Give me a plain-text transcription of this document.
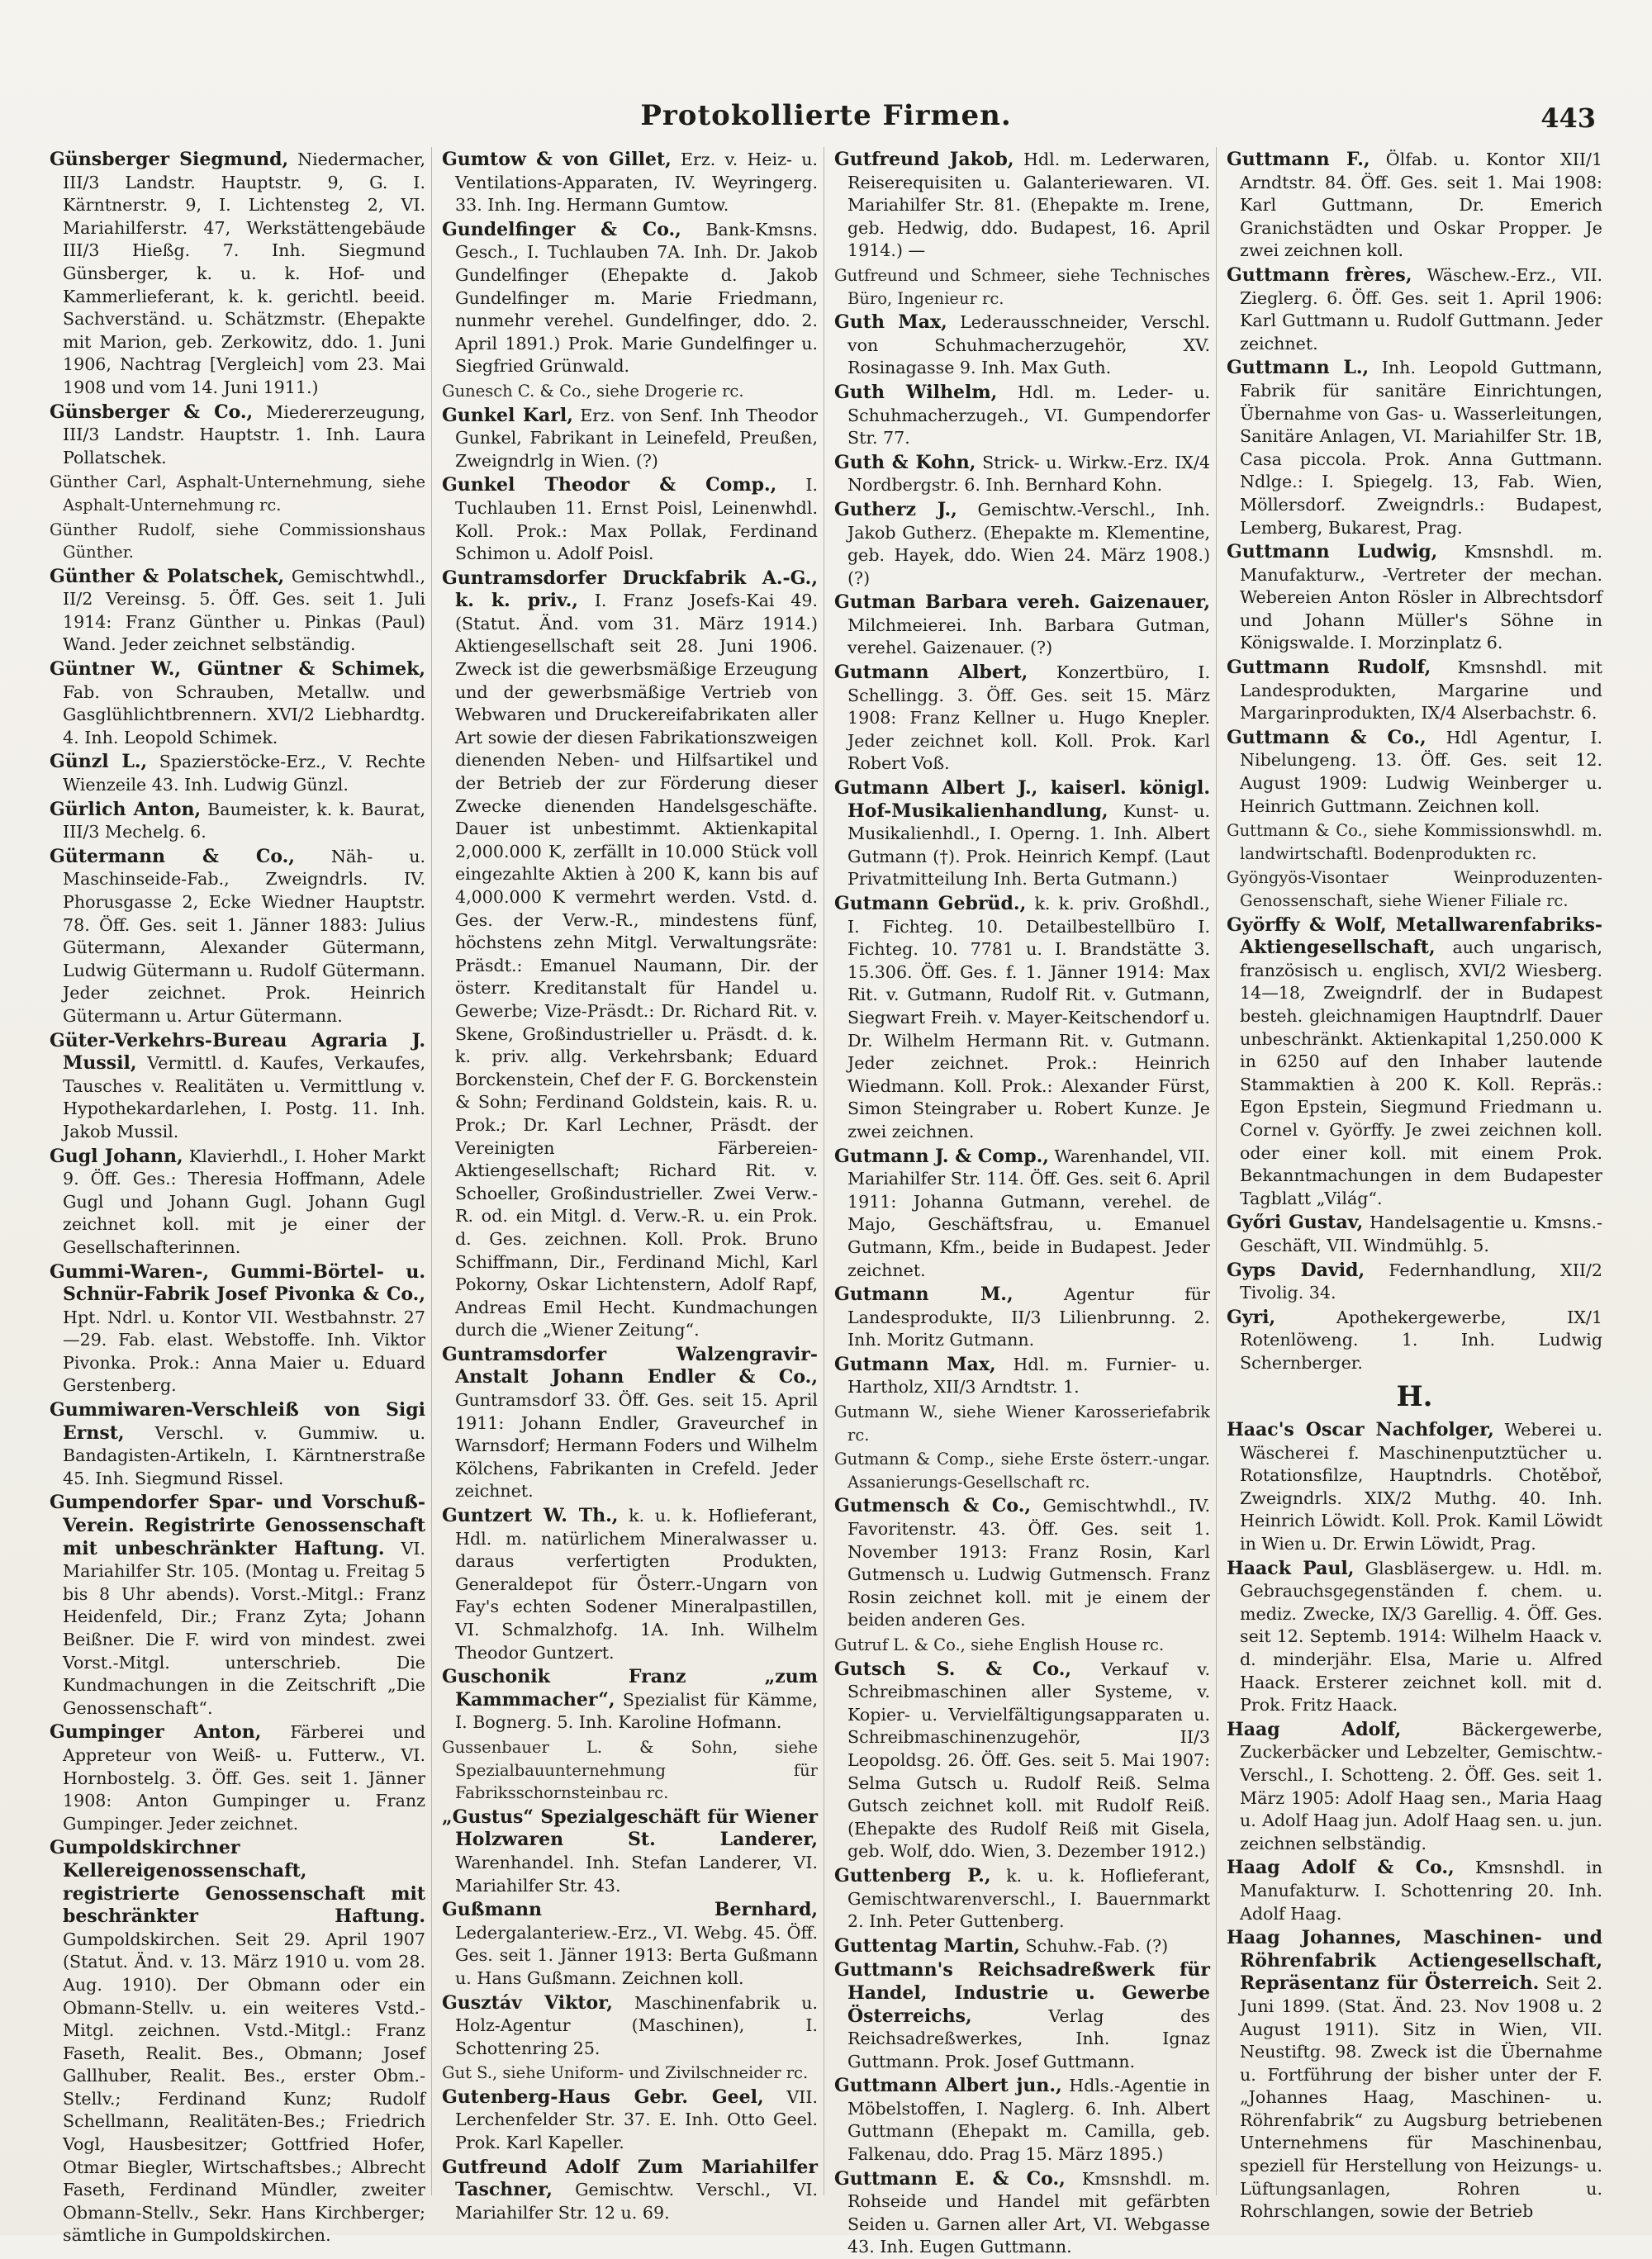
Protokollierte Firmen.	443

Günsberger Siegmund, Niedermacher, III/3 Landstr. Hauptstr. 9, G. I. Kärntnerstr. 9, I. Lichtensteg 2, VI. Mariahilferstr. 47, Werkstättengebäude III/3 Hießg. 7. Inh. Siegmund Günsberger, k. u. k. Hof- und Kammerlieferant, k. k. gerichtl. beeid. Sachverständ. u. Schätzmstr. (Ehepakte mit Marion, geb. Zerkowitz, ddo. 1. Juni 1906, Nachtrag [Vergleich] vom 23. Mai 1908 und vom 14. Juni 1911.)

Günsberger & Co., Miedererzeugung, III/3 Landstr. Hauptstr. 1. Inh. Laura Pollatschek.

Günther Carl, Asphalt-Unternehmung, siehe Asphalt-Unternehmung rc.

Günther Rudolf, siehe Commissionshaus Günther.

Günther & Polatschek, Gemischtwhdl., II/2 Vereinsg. 5. Öff. Ges. seit 1. Juli 1914: Franz Günther u. Pinkas (Paul) Wand. Jeder zeichnet selbständig.

Güntner W., Güntner & Schimek, Fab. von Schrauben, Metallw. und Gasglühlichtbrennern. XVI/2 Liebhardtg. 4. Inh. Leopold Schimek.

Günzl L., Spazierstöcke-Erz., V. Rechte Wienzeile 43. Inh. Ludwig Günzl.

Gürlich Anton, Baumeister, k. k. Baurat, III/3 Mechelg. 6.

Gütermann & Co., Näh- u. Maschinseide-Fab., Zweigndrls. IV. Phorusgasse 2, Ecke Wiedner Hauptstr. 78. Öff. Ges. seit 1. Jänner 1883: Julius Gütermann, Alexander Gütermann, Ludwig Gütermann u. Rudolf Gütermann. Jeder zeichnet. Prok. Heinrich Gütermann u. Artur Gütermann.

Güter-Verkehrs-Bureau Agraria J. Mussil, Vermittl. d. Kaufes, Verkaufes, Tausches v. Realitäten u. Vermittlung v. Hypothekardarlehen, I. Postg. 11. Inh. Jakob Mussil.

Gugl Johann, Klavierhdl., I. Hoher Markt 9. Öff. Ges.: Theresia Hoffmann, Adele Gugl und Johann Gugl. Johann Gugl zeichnet koll. mit je einer der Gesellschafterinnen.

Gummi-Waren-, Gummi-Börtel- u. Schnür-Fabrik Josef Pivonka & Co., Hpt. Ndrl. u. Kontor VII. Westbahnstr. 27—29. Fab. elast. Webstoffe. Inh. Viktor Pivonka. Prok.: Anna Maier u. Eduard Gerstenberg.

Gummiwaren-Verschleiß von Sigi Ernst, Verschl. v. Gummiw. u. Bandagisten-Artikeln, I. Kärntnerstraße 45. Inh. Siegmund Rissel.

Gumpendorfer Spar- und Vorschuß-Verein. Registrirte Genossenschaft mit unbeschränkter Haftung. VI. Mariahilfer Str. 105. (Montag u. Freitag 5 bis 8 Uhr abends). Vorst.-Mitgl.: Franz Heidenfeld, Dir.; Franz Zyta; Johann Beißner. Die F. wird von mindest. zwei Vorst.-Mitgl. unterschrieb. Die Kundmachungen in die Zeitschrift „Die Genossenschaft“.

Gumpinger Anton, Färberei und Appreteur von Weiß- u. Futterw., VI. Hornbostelg. 3. Öff. Ges. seit 1. Jänner 1908: Anton Gumpinger u. Franz Gumpinger. Jeder zeichnet.

Gumpoldskirchner Kellereigenossenschaft, registrierte Genossenschaft mit beschränkter Haftung. Gumpoldskirchen. Seit 29. April 1907 (Statut. Änd. v. 13. März 1910 u. vom 28. Aug. 1910). Der Obmann oder ein Obmann-Stellv. u. ein weiteres Vstd.-Mitgl. zeichnen. Vstd.-Mitgl.: Franz Faseth, Realit. Bes., Obmann; Josef Gallhuber, Realit. Bes., erster Obm.-Stellv.; Ferdinand Kunz; Rudolf Schellmann, Realitäten-Bes.; Friedrich Vogl, Hausbesitzer; Gottfried Hofer, Otmar Biegler, Wirtschaftsbes.; Albrecht Faseth, Ferdinand Mündler, zweiter Obmann-Stellv., Sekr. Hans Kirchberger; sämtliche in Gumpoldskirchen.

Gumtow & von Gillet, Erz. v. Heiz- u. Ventilations-Apparaten, IV. Weyringerg. 33. Inh. Ing. Hermann Gumtow.

Gundelfinger & Co., Bank-Kmsns. Gesch., I. Tuchlauben 7A. Inh. Dr. Jakob Gundelfinger (Ehepakte d. Jakob Gundelfinger m. Marie Friedmann, nunmehr verehel. Gundelfinger, ddo. 2. April 1891.) Prok. Marie Gundelfinger u. Siegfried Grünwald.

Gunesch C. & Co., siehe Drogerie rc.

Gunkel Karl, Erz. von Senf. Inh Theodor Gunkel, Fabrikant in Leinefeld, Preußen, Zweigndrlg in Wien. (?)

Gunkel Theodor & Comp., I. Tuchlauben 11. Ernst Poisl, Leinenwhdl. Koll. Prok.: Max Pollak, Ferdinand Schimon u. Adolf Poisl.

Guntramsdorfer Druckfabrik A.-G., k. k. priv., I. Franz Josefs-Kai 49. (Statut. Änd. vom 31. März 1914.) Aktiengesellschaft seit 28. Juni 1906. Zweck ist die gewerbsmäßige Erzeugung und der gewerbsmäßige Vertrieb von Webwaren und Druckereifabrikaten aller Art sowie der diesen Fabrikationszweigen dienenden Neben- und Hilfsartikel und der Betrieb der zur Förderung dieser Zwecke dienenden Handelsgeschäfte. Dauer ist unbestimmt. Aktienkapital 2,000.000 K, zerfällt in 10.000 Stück voll eingezahlte Aktien à 200 K, kann bis auf 4,000.000 K vermehrt werden. Vstd. d. Ges. der Verw.-R., mindestens fünf, höchstens zehn Mitgl. Verwaltungsräte: Präsdt.: Emanuel Naumann, Dir. der österr. Kreditanstalt für Handel u. Gewerbe; Vize-Präsdt.: Dr. Richard Rit. v. Skene, Großindustrieller u. Präsdt. d. k. k. priv. allg. Verkehrsbank; Eduard Borckenstein, Chef der F. G. Borckenstein & Sohn; Ferdinand Goldstein, kais. R. u. Prok.; Dr. Karl Lechner, Präsdt. der Vereinigten Färbereien-Aktiengesellschaft; Richard Rit. v. Schoeller, Großindustrieller. Zwei Verw.-R. od. ein Mitgl. d. Verw.-R. u. ein Prok. d. Ges. zeichnen. Koll. Prok. Bruno Schiffmann, Dir., Ferdinand Michl, Karl Pokorny, Oskar Lichtenstern, Adolf Rapf, Andreas Emil Hecht. Kundmachungen durch die „Wiener Zeitung“.

Guntramsdorfer Walzengravir-Anstalt Johann Endler & Co., Guntramsdorf 33. Öff. Ges. seit 15. April 1911: Johann Endler, Graveurchef in Warnsdorf; Hermann Foders und Wilhelm Kölchens, Fabrikanten in Crefeld. Jeder zeichnet.

Guntzert W. Th., k. u. k. Hoflieferant, Hdl. m. natürlichem Mineralwasser u. daraus verfertigten Produkten, Generaldepot für Österr.-Ungarn von Fay's echten Sodener Mineralpastillen, VI. Schmalzhofg. 1A. Inh. Wilhelm Theodor Guntzert.

Guschonik Franz „zum Kammmacher“, Spezialist für Kämme, I. Bognerg. 5. Inh. Karoline Hofmann.

Gussenbauer L. & Sohn, siehe Spezialbauunternehmung für Fabriksschornsteinbau rc.

„Gustus“ Spezialgeschäft für Wiener Holzwaren St. Landerer, Warenhandel. Inh. Stefan Landerer, VI. Mariahilfer Str. 43.

Gußmann Bernhard, Ledergalanteriew.-Erz., VI. Webg. 45. Öff. Ges. seit 1. Jänner 1913: Berta Gußmann u. Hans Gußmann. Zeichnen koll.

Gusztáv Viktor, Maschinenfabrik u. Holz-Agentur (Maschinen), I. Schottenring 25.

Gut S., siehe Uniform- und Zivilschneider rc.

Gutenberg-Haus Gebr. Geel, VII. Lerchenfelder Str. 37. E. Inh. Otto Geel. Prok. Karl Kapeller.

Gutfreund Adolf Zum Mariahilfer Taschner, Gemischtw. Verschl., VI. Mariahilfer Str. 12 u. 69.

Gutfreund Jakob, Hdl. m. Lederwaren, Reiserequisiten u. Galanteriewaren. VI. Mariahilfer Str. 81. (Ehepakte m. Irene, geb. Hedwig, ddo. Budapest, 16. April 1914.) —

Gutfreund und Schmeer, siehe Technisches Büro, Ingenieur rc.

Guth Max, Lederausschneider, Verschl. von Schuhmacherzugehör, XV. Rosinagasse 9. Inh. Max Guth.

Guth Wilhelm, Hdl. m. Leder- u. Schuhmacherzugeh., VI. Gumpendorfer Str. 77.

Guth & Kohn, Strick- u. Wirkw.-Erz. IX/4 Nordbergstr. 6. Inh. Bernhard Kohn.

Gutherz J., Gemischtw.-Verschl., Inh. Jakob Gutherz. (Ehepakte m. Klementine, geb. Hayek, ddo. Wien 24. März 1908.) (?)

Gutman Barbara vereh. Gaizenauer, Milchmeierei. Inh. Barbara Gutman, verehel. Gaizenauer. (?)

Gutmann Albert, Konzertbüro, I. Schellingg. 3. Öff. Ges. seit 15. März 1908: Franz Kellner u. Hugo Knepler. Jeder zeichnet koll. Koll. Prok. Karl Robert Voß.

Gutmann Albert J., kaiserl. königl. Hof-Musikalienhandlung, Kunst- u. Musikalienhdl., I. Operng. 1. Inh. Albert Gutmann (†). Prok. Heinrich Kempf. (Laut Privatmitteilung Inh. Berta Gutmann.)

Gutmann Gebrüd., k. k. priv. Großhdl., I. Fichteg. 10. Detailbestellbüro I. Fichteg. 10. 7781 u. I. Brandstätte 3. 15.306. Öff. Ges. f. 1. Jänner 1914: Max Rit. v. Gutmann, Rudolf Rit. v. Gutmann, Siegwart Freih. v. Mayer-Keitschendorf u. Dr. Wilhelm Hermann Rit. v. Gutmann. Jeder zeichnet. Prok.: Heinrich Wiedmann. Koll. Prok.: Alexander Fürst, Simon Steingraber u. Robert Kunze. Je zwei zeichnen.

Gutmann J. & Comp., Warenhandel, VII. Mariahilfer Str. 114. Öff. Ges. seit 6. April 1911: Johanna Gutmann, verehel. de Majo, Geschäftsfrau, u. Emanuel Gutmann, Kfm., beide in Budapest. Jeder zeichnet.

Gutmann M.,	Agentur für Landesprodukte, II/3 Lilienbrunng. 2. Inh. Moritz Gutmann.

Gutmann Max, Hdl. m. Furnier- u. Hartholz, XII/3 Arndtstr. 1.

Gutmann W., siehe Wiener Karosseriefabrik rc.

Gutmann & Comp., siehe Erste österr.-ungar. Assanierungs-Gesellschaft rc.

Gutmensch & Co., Gemischtwhdl., IV. Favoritenstr. 43. Öff. Ges. seit 1. November 1913: Franz Rosin, Karl Gutmensch u. Ludwig Gutmensch. Franz Rosin zeichnet koll. mit je einem der beiden anderen Ges.

Gutruf L. & Co., siehe English House rc.

Gutsch S. & Co., Verkauf v. Schreibmaschinen aller Systeme, v. Kopier- u. Vervielfältigungsapparaten u. Schreibmaschinenzugehör, II/3 Leopoldsg. 26. Öff. Ges. seit 5. Mai 1907: Selma Gutsch u. Rudolf Reiß. Selma Gutsch zeichnet koll. mit Rudolf Reiß. (Ehepakte des Rudolf Reiß mit Gisela, geb. Wolf, ddo. Wien, 3. Dezember 1912.)

Guttenberg P., k. u. k. Hoflieferant, Gemischtwarenverschl., I. Bauernmarkt 2. Inh. Peter Guttenberg.

Guttentag Martin, Schuhw.-Fab. (?)

Guttmann's Reichsadreßwerk für Handel, Industrie u. Gewerbe Österreichs,	Verlag des Reichsadreßwerkes, Inh. Ignaz Guttmann. Prok. Josef Guttmann.

Guttmann Albert jun., Hdls.-Agentie in Möbelstoffen, I. Naglerg. 6. Inh. Albert Guttmann (Ehepakt m. Camilla, geb. Falkenau, ddo. Prag 15. März 1895.)

Guttmann E. & Co., Kmsnshdl. m. Rohseide und Handel mit gefärbten Seiden u. Garnen aller Art, VI. Webgasse 43. Inh. Eugen Guttmann.

Guttmann F., Ölfab. u. Kontor XII/1 Arndtstr. 84. Öff. Ges. seit 1. Mai 1908: Karl Guttmann, Dr. Emerich Granichstädten und Oskar Propper. Je zwei zeichnen koll.

Guttmann frères, Wäschew.-Erz., VII. Zieglerg. 6. Öff. Ges. seit 1. April 1906: Karl Guttmann u. Rudolf Guttmann. Jeder zeichnet.

Guttmann L., Inh. Leopold Guttmann, Fabrik für sanitäre Einrichtungen, Übernahme von Gas- u. Wasserleitungen, Sanitäre Anlagen, VI. Mariahilfer Str. 1B, Casa piccola. Prok. Anna Guttmann. Ndlge.: I. Spiegelg. 13, Fab. Wien, Möllersdorf. Zweigndrls.: Budapest, Lemberg, Bukarest, Prag.

Guttmann Ludwig, Kmsnshdl. m. Manufakturw., -Vertreter der mechan. Webereien Anton Rösler in Albrechtsdorf und Johann Müller's Söhne in Königswalde. I. Morzinplatz 6.

Guttmann Rudolf, Kmsnshdl. mit Landesprodukten, Margarine und Margarinprodukten, IX/4 Alserbachstr. 6.

Guttmann & Co., Hdl Agentur, I. Nibelungeng. 13. Öff. Ges. seit 12. August 1909: Ludwig Weinberger u. Heinrich Guttmann. Zeichnen koll.

Guttmann & Co., siehe Kommissionswhdl. m. landwirtschaftl. Bodenprodukten rc.

Gyöngyös-Visontaer Weinproduzenten-Genossenschaft, siehe Wiener Filiale rc.

Györffy & Wolf, Metallwarenfabriks-Aktiengesellschaft, auch ungarisch, französisch u. englisch, XVI/2 Wiesberg. 14—18, Zweigndrlf. der in Budapest besteh. gleichnamigen Hauptndrlf. Dauer unbeschränkt. Aktienkapital 1,250.000 K in 6250 auf den Inhaber lautende Stammaktien à 200 K. Koll. Repräs.: Egon Epstein, Siegmund Friedmann u. Cornel v. Györffy. Je zwei zeichnen koll. oder einer koll. mit einem Prok. Bekanntmachungen in dem Budapester Tagblatt „Világ“.

Győri Gustav, Handelsagentie u. Kmsns.-Geschäft, VII. Windmühlg. 5.

Gyps David, Federnhandlung, XII/2 Tivolig. 34.

Gyri,	Apothekergewerbe, IX/1 Rotenlöweng. 1. Inh. Ludwig Schernberger.

H.

Haac's Oscar Nachfolger, Weberei u. Wäscherei f. Maschinenputztücher u. Rotationsfilze, Hauptndrls. Chotěboř, Zweigndrls. XIX/2 Muthg. 40. Inh. Heinrich Löwidt. Koll. Prok. Kamil Löwidt in Wien u. Dr. Erwin Löwidt, Prag.

Haack Paul, Glasbläsergew. u. Hdl. m. Gebrauchsgegenständen f. chem. u. mediz. Zwecke, IX/3 Garellig. 4. Öff. Ges. seit 12. Septemb. 1914: Wilhelm Haack v. d. minderjähr. Elsa, Marie u. Alfred Haack. Ersterer zeichnet koll. mit d. Prok. Fritz Haack.

Haag Adolf,	Bäckergewerbe, Zuckerbäcker und Lebzelter, Gemischtw.-Verschl., I. Schotteng. 2. Öff. Ges. seit 1. März 1905: Adolf Haag sen., Maria Haag u. Adolf Haag jun. Adolf Haag sen. u. jun. zeichnen selbständig.

Haag Adolf & Co., Kmsnshdl. in Manufakturw. I. Schottenring 20. Inh. Adolf Haag.

Haag Johannes, Maschinen- und Röhrenfabrik Actiengesellschaft, Repräsentanz für Österreich. Seit 2. Juni 1899. (Stat. Änd. 23. Nov 1908 u. 2 August 1911). Sitz in Wien, VII. Neustiftg. 98. Zweck ist die Übernahme u. Fortführung der bisher unter der F. „Johannes Haag, Maschinen- u. Röhrenfabrik“ zu Augsburg betriebenen Unternehmens für Maschinenbau, speziell für Herstellung von Heizungs- u. Lüftungsanlagen, Rohren u. Rohrschlangen, sowie der Betrieb
